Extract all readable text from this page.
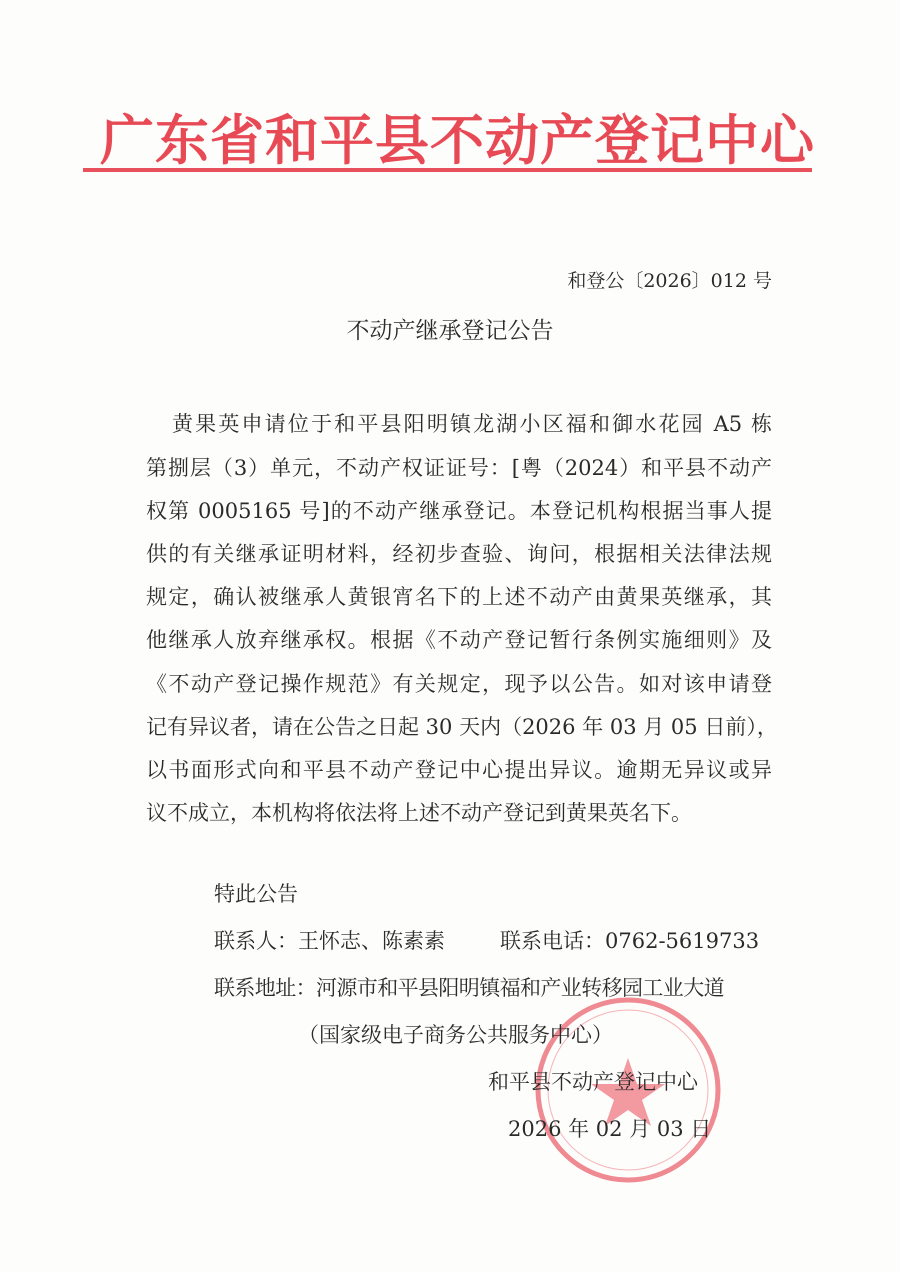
广东省和平县不动产登记中心
和登公〔2026〕012 号
不动产继承登记公告
黄果英申请位于和平县阳明镇龙湖小区福和御水花园 A5 栋
第捌层（3）单元，不动产权证证号：[粤（2024）和平县不动产
权第 0005165 号]的不动产继承登记。本登记机构根据当事人提
供的有关继承证明材料，经初步查验、询问，根据相关法律法规
规定，确认被继承人黄银宵名下的上述不动产由黄果英继承，其
他继承人放弃继承权。根据《不动产登记暂行条例实施细则》及
《不动产登记操作规范》有关规定，现予以公告。如对该申请登
记有异议者，请在公告之日起 30 天内（2026 年 03 月 05 日前），
以书面形式向和平县不动产登记中心提出异议。逾期无异议或异
议不成立，本机构将依法将上述不动产登记到黄果英名下。
特此公告
联系人：王怀志、陈素素	联系电话：0762-5619733
联系地址：河源市和平县阳明镇福和产业转移园工业大道
（国家级电子商务公共服务中心）
和平县不动产登记中心
2026 年 02 月 03 日
